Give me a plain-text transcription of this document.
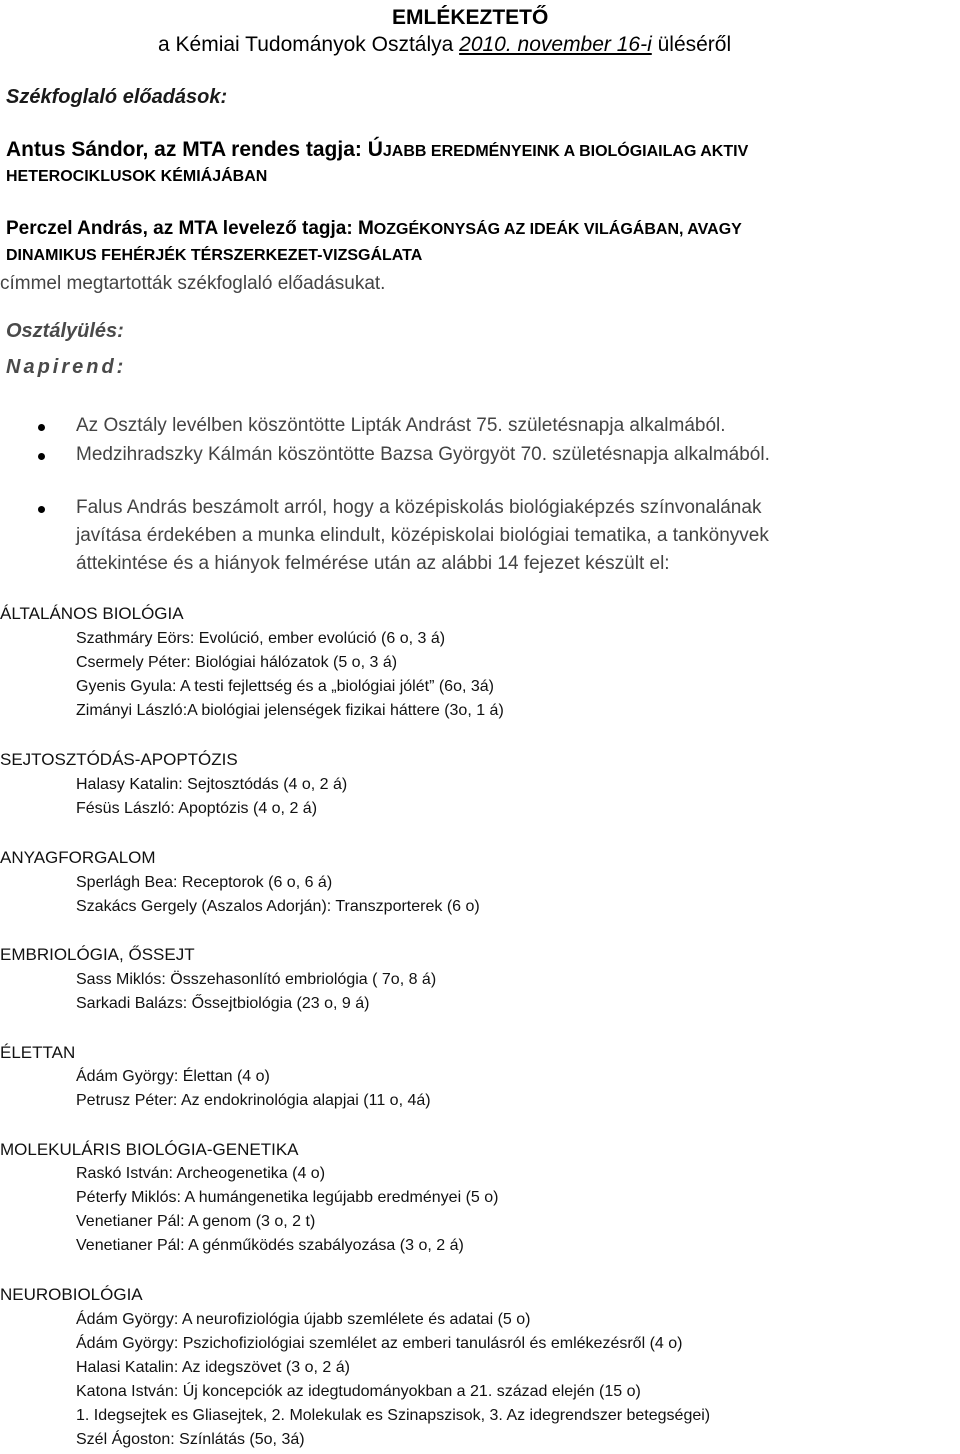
EMLÉKEZTETŐ
a Kémiai Tudományok Osztálya 2010. november 16-i üléséről
Székfoglaló előadások:
Antus Sándor, az MTA rendes tagja: ÚJABB EREDMÉNYEINK A BIOLÓGIAILAG AKTIV
HETEROCIKLUSOK KÉMIÁJÁBAN
Perczel András, az MTA levelező tagja: MOZGÉKONYSÁG AZ IDEÁK VILÁGÁBAN, AVAGY
DINAMIKUS FEHÉRJÉK TÉRSZERKEZET-VIZSGÁLATA
címmel megtartották székfoglaló előadásukat.
Osztályülés:
Napirend:
Az Osztály levélben köszöntötte Lipták Andrást 75. születésnapja alkalmából.
Medzihradszky Kálmán köszöntötte Bazsa Györgyöt 70. születésnapja alkalmából.
Falus András beszámolt arról, hogy a középiskolás biológiaképzés színvonalának
javítása érdekében a munka elindult, középiskolai biológiai tematika, a tankönyvek
áttekintése és a hiányok felmérése után az alábbi 14 fejezet készült el:
ÁLTALÁNOS BIOLÓGIA
Szathmáry Eörs: Evolúció, ember evolúció (6 o, 3 á)
Csermely Péter: Biológiai hálózatok (5 o, 3 á)
Gyenis Gyula: A testi fejlettség és a „biológiai jólét” (6o, 3á)
Zimányi László:A biológiai jelenségek fizikai háttere (3o, 1 á)
SEJTOSZTÓDÁS-APOPTÓZIS
Halasy Katalin: Sejtosztódás (4 o, 2 á)
Fésüs László: Apoptózis (4 o, 2 á)
ANYAGFORGALOM
Sperlágh Bea: Receptorok (6 o, 6 á)
Szakács Gergely (Aszalos Adorján): Transzporterek (6 o)
EMBRIOLÓGIA, ŐSSEJT
Sass Miklós: Összehasonlító embriológia ( 7o, 8 á)
Sarkadi Balázs: Őssejtbiológia (23 o, 9 á)
ÉLETTAN
Ádám György: Élettan (4 o)
Petrusz Péter: Az endokrinológia alapjai (11 o, 4á)
MOLEKULÁRIS BIOLÓGIA-GENETIKA
Raskó István: Archeogenetika (4 o)
Péterfy Miklós: A humángenetika legújabb eredményei (5 o)
Venetianer Pál: A genom (3 o, 2 t)
Venetianer Pál: A génműködés szabályozása (3 o, 2 á)
NEUROBIOLÓGIA
Ádám György: A neurofiziológia újabb szemlélete és adatai (5 o)
Ádám György: Pszichofiziológiai szemlélet az emberi tanulásról és emlékezésről (4 o)
Halasi Katalin: Az idegszövet (3 o, 2 á)
Katona István: Új koncepciók az idegtudományokban a 21. század elején (15 o)
1. Idegsejtek es Gliasejtek, 2. Molekulak es Szinapszisok, 3. Az idegrendszer betegségei)
Szél Ágoston: Színlátás (5o, 3á)
